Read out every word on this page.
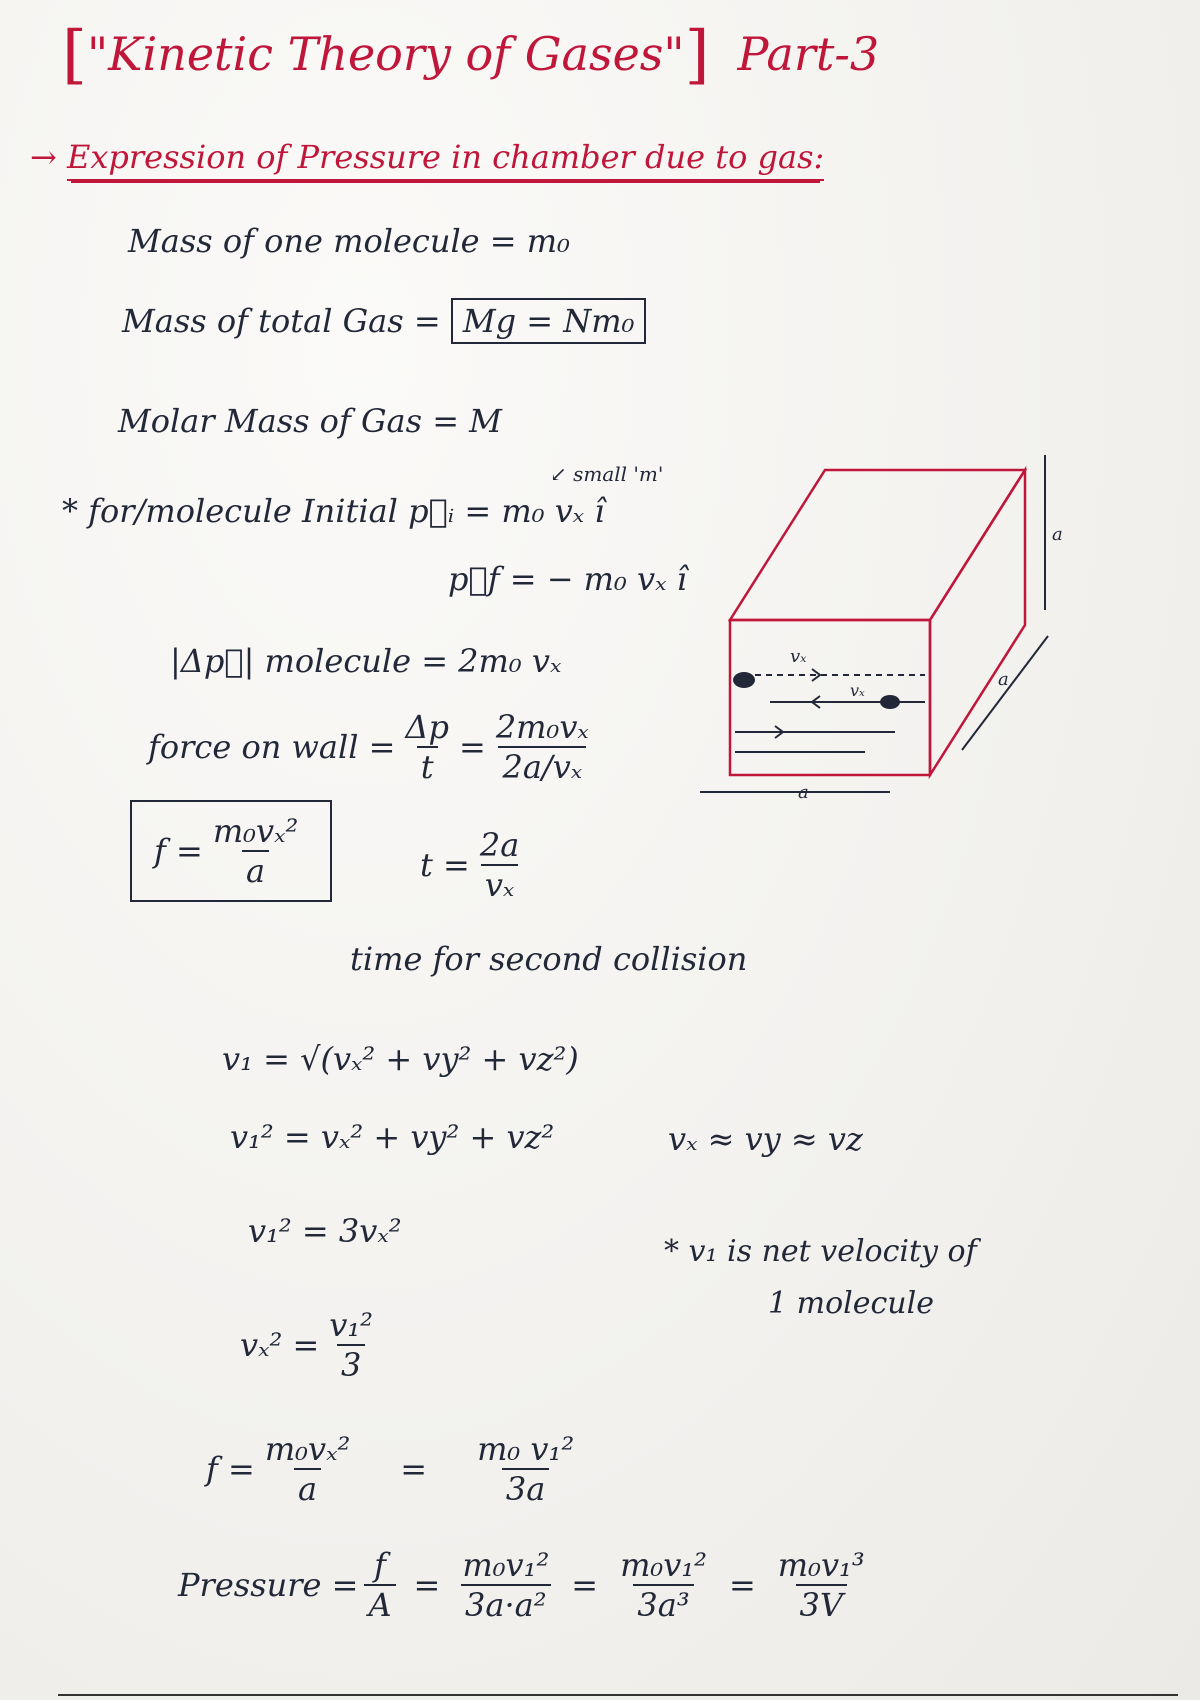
["Kinetic Theory of Gases"] Part-3
→ Expression of Pressure in chamber due to gas:
Mass of one molecule = m₀
Mass of total Gas = Mg = Nm₀
Molar Mass of Gas = M
↙ small 'm'
* for/molecule Initial p⃗ᵢ = m₀ vₓ î
p⃗f = − m₀ vₓ î
|Δp⃗| molecule = 2m₀ vₓ
force on wall = $\frac{\Delta p}{t} = \frac{\text{2m₀vₓ}}{\text{2a/vₓ}}$
$f = \frac{\text{m₀vₓ²}}{a}$	$t = \frac{2a}{\text{vₓ}}$
time for second collision
v₁ = √(vₓ² + vy² + vz²)
v₁² = vₓ² + vy² + vz²	vₓ ≈ vy ≈ vz
v₁² = 3vₓ²
* v₁ is net velocity of
1 molecule
$v_x^2 = \frac{\text{v₁²}}{3}$
$f = \frac{\text{m₀vₓ²}}{a} = \frac{\text{m₀ v₁²}}{3a}$
Pressure = $\frac{f}{A} = \frac{\text{m₀v₁²}}{\text{3a·a²}} = \frac{\text{m₀v₁²}}{\text{3a³}} = \frac{\text{m₀v₁³}}{3V}$
vₓ
vₓ
a
a
a
